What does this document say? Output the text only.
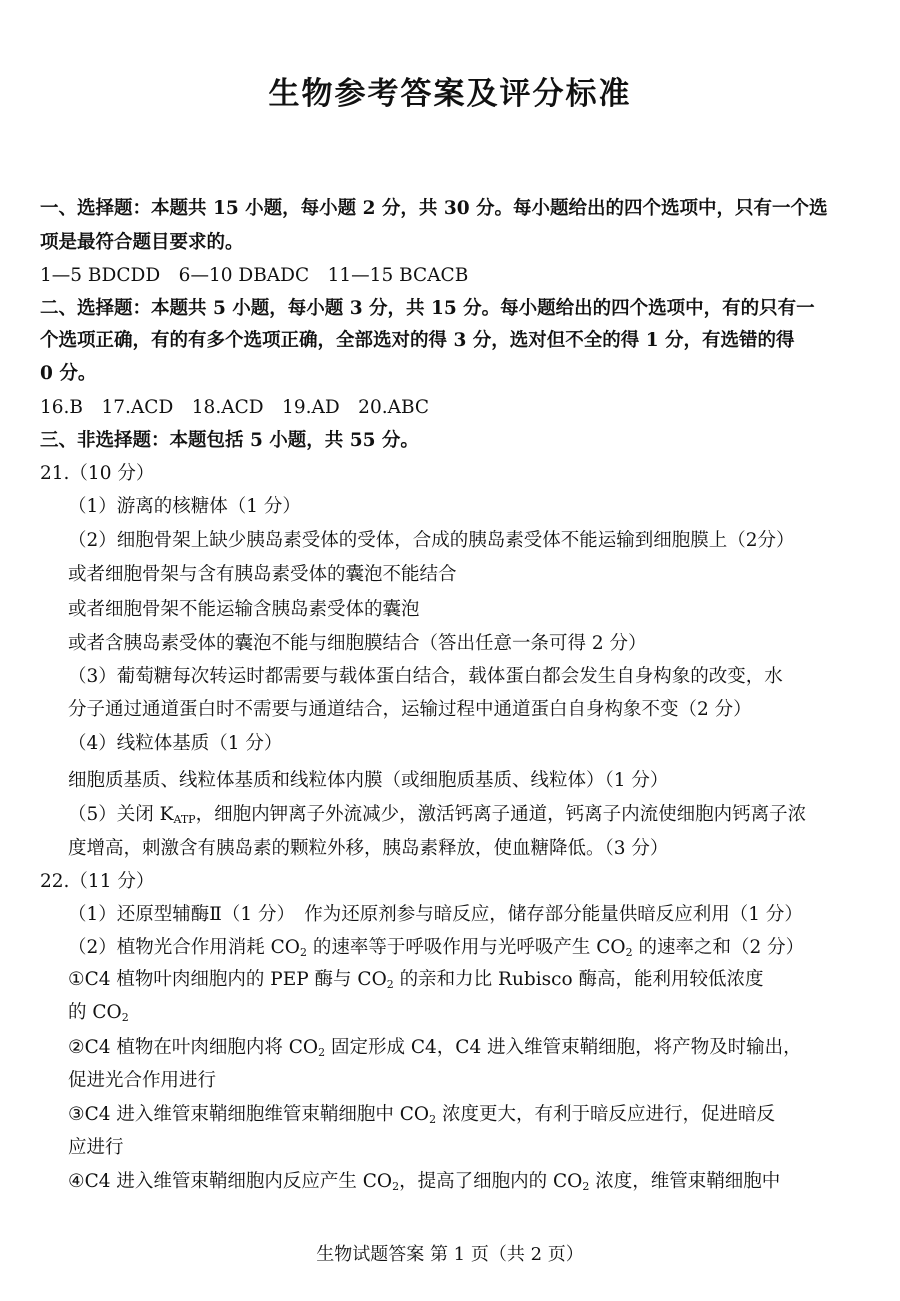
生物参考答案及评分标准
一、选择题：本题共 15 小题，每小题 2 分，共 30 分。每小题给出的四个选项中，只有一个选
项是最符合题目要求的。
1—5 BDCDD　6—10 DBADC　11—15 BCACB
二、选择题：本题共 5 小题，每小题 3 分，共 15 分。每小题给出的四个选项中，有的只有一
个选项正确，有的有多个选项正确，全部选对的得 3 分，选对但不全的得 1 分，有选错的得
0 分。
16.B　17.ACD　18.ACD　19.AD　20.ABC
三、非选择题：本题包括 5 小题，共 55 分。
21.（10 分）
（1）游离的核糖体（1 分）
（2）细胞骨架上缺少胰岛素受体的受体，合成的胰岛素受体不能运输到细胞膜上（2分）
或者细胞骨架与含有胰岛素受体的囊泡不能结合
或者细胞骨架不能运输含胰岛素受体的囊泡
或者含胰岛素受体的囊泡不能与细胞膜结合（答出任意一条可得 2 分）
（3）葡萄糖每次转运时都需要与载体蛋白结合，载体蛋白都会发生自身构象的改变，水
分子通过通道蛋白时不需要与通道结合，运输过程中通道蛋白自身构象不变（2 分）
（4）线粒体基质（1 分）
细胞质基质、线粒体基质和线粒体内膜（或细胞质基质、线粒体）（1 分）
（5）关闭 $K_{ATP}$，细胞内钾离子外流减少，激活钙离子通道，钙离子内流使细胞内钙离子浓
度增高，刺激含有胰岛素的颗粒外移，胰岛素释放，使血糖降低。（3 分）
22.（11 分）
（1）还原型辅酶Ⅱ（1 分）　作为还原剂参与暗反应，储存部分能量供暗反应利用（1 分）
（2）植物光合作用消耗 $CO_2$ 的速率等于呼吸作用与光呼吸产生 $CO_2$ 的速率之和（2 分）
①C4 植物叶肉细胞内的 PEP 酶与 $CO_2$ 的亲和力比 Rubisco 酶高，能利用较低浓度
的 $CO_2$
②C4 植物在叶肉细胞内将 $CO_2$ 固定形成 C4，C4 进入维管束鞘细胞，将产物及时输出，
促进光合作用进行
③C4 进入维管束鞘细胞维管束鞘细胞中 $CO_2$ 浓度更大，有利于暗反应进行，促进暗反
应进行
④C4 进入维管束鞘细胞内反应产生 $CO_2$，提高了细胞内的 $CO_2$ 浓度，维管束鞘细胞中
生物试题答案 第 1 页（共 2 页）
